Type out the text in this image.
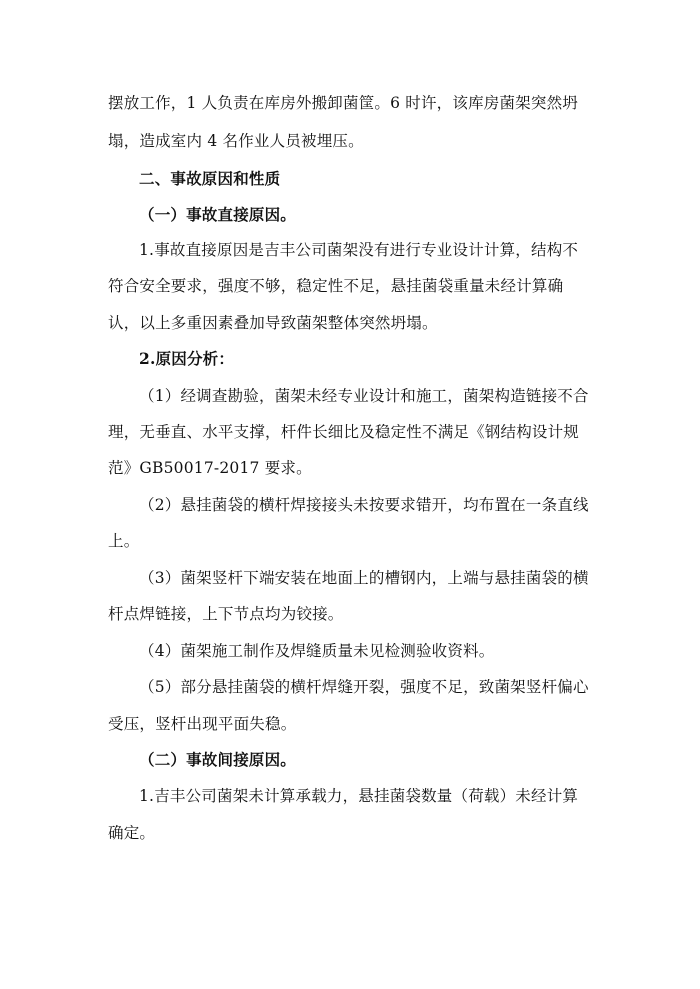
摆放工作，1 人负责在库房外搬卸菌筐。6 时许，该库房菌架突然坍
塌，造成室内 4 名作业人员被埋压。
二、事故原因和性质
（一）事故直接原因。
1.事故直接原因是吉丰公司菌架没有进行专业设计计算，结构不
符合安全要求，强度不够，稳定性不足，悬挂菌袋重量未经计算确
认，以上多重因素叠加导致菌架整体突然坍塌。
2.原因分析：
（1）经调查勘验，菌架未经专业设计和施工，菌架构造链接不合
理，无垂直、水平支撑，杆件长细比及稳定性不满足《钢结构设计规
范》GB50017-2017 要求。
（2）悬挂菌袋的横杆焊接接头未按要求错开，均布置在一条直线
上。
（3）菌架竖杆下端安装在地面上的槽钢内，上端与悬挂菌袋的横
杆点焊链接，上下节点均为铰接。
（4）菌架施工制作及焊缝质量未见检测验收资料。
（5）部分悬挂菌袋的横杆焊缝开裂，强度不足，致菌架竖杆偏心
受压，竖杆出现平面失稳。
（二）事故间接原因。
1.吉丰公司菌架未计算承载力，悬挂菌袋数量（荷载）未经计算
确定。
